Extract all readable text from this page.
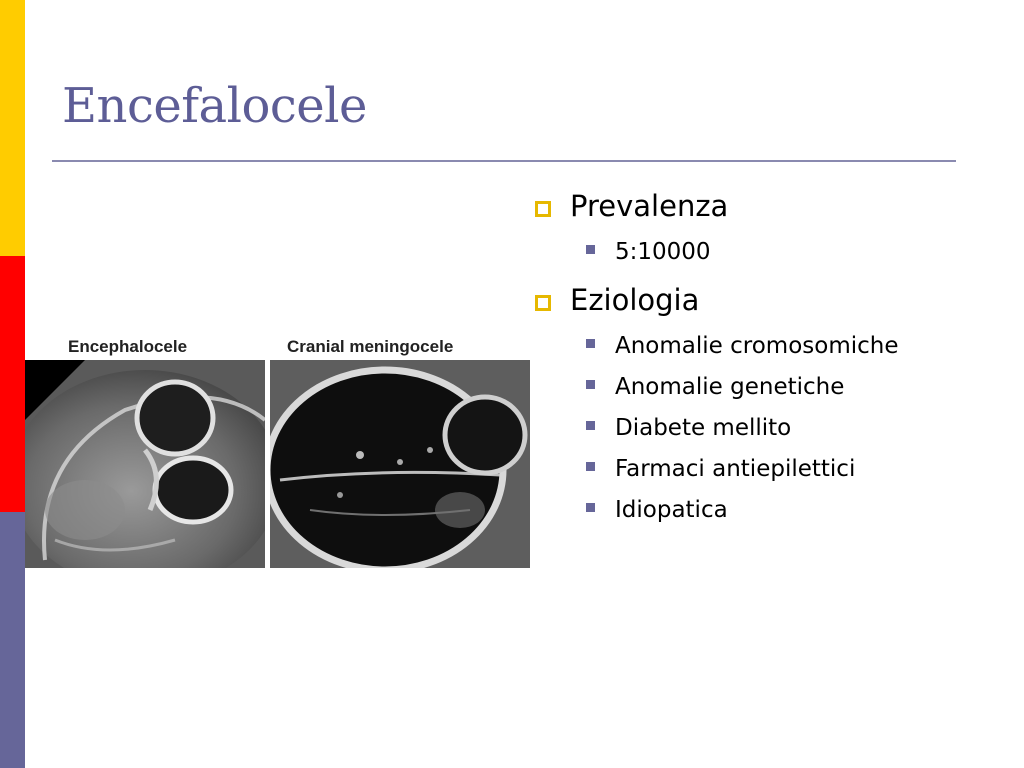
Encefalocele
Encephalocele	Cranial meningocele
Prevalenza
5:10000
Eziologia
Anomalie cromosomiche
Anomalie genetiche
Diabete mellito
Farmaci antiepilettici
Idiopatica
